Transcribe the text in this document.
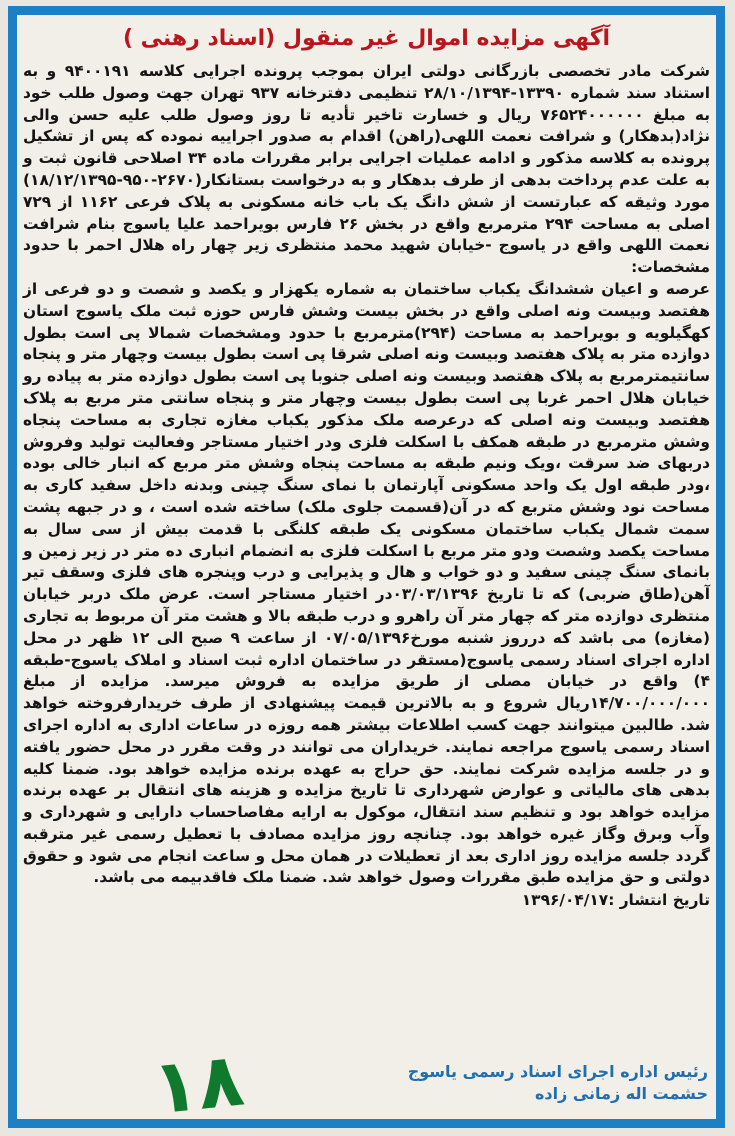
آگهی مزایده اموال غیر منقول (اسناد رهنی )

شرکت مادر تخصصی بازرگانی دولتی ایران بموجب پرونده اجرایی کلاسه ۹۴۰۰۱۹۱ و به استناد سند شماره ۱۳۳۹۰-۲۸/۱۰/۱۳۹۴ تنظیمی دفترخانه ۹۳۷ تهران جهت وصول طلب خود به مبلغ ۷۶۵۲۴۰۰۰۰۰۰ ریال و خسارت تاخیر تأدیه تا روز وصول طلب علیه حسن والی نژاد(بدهکار) و شرافت نعمت اللهی(راهن) اقدام به صدور اجراییه نموده که پس از تشکیل پرونده به کلاسه مذکور و ادامه عملیات اجرایی برابر مقررات ماده ۳۴ اصلاحی قانون ثبت و به علت عدم پرداخت بدهی از طرف بدهکار و به درخواست بستانکار(۲۶۷۰-۹۵۰-۱۸/۱۲/۱۳۹۵) مورد وثیقه که عبارتست از شش دانگ یک باب خانه مسکونی به پلاک فرعی ۱۱۶۲ از ۷۲۹ اصلی به مساحت ۲۹۴ مترمربع واقع در بخش ۲۶ فارس بویراحمد علیا یاسوج بنام شرافت نعمت اللهی واقع در یاسوج -خیابان شهید محمد منتظری زیر چهار راه هلال احمر با حدود مشخصات:

عرصه و اعیان ششدانگ یکباب ساختمان به شماره یکهزار و یکصد و شصت و دو فرعی از هفتصد وبیست ونه اصلی واقع در بخش بیست وشش فارس حوزه ثبت ملک یاسوج استان کهگیلویه و بویراحمد به مساحت (۲۹۴)مترمربع با حدود ومشخصات شمالا پی است بطول دوازده متر به پلاک هفتصد وبیست ونه اصلی شرقا پی است بطول بیست وچهار متر و پنجاه سانتیمترمربع به پلاک هفتصد وبیست ونه اصلی جنوبا پی است بطول دوازده متر به پیاده رو خیابان هلال احمر غربا پی است بطول بیست وچهار متر و پنجاه سانتی متر مربع به پلاک هفتصد وبیست ونه اصلی که درعرصه ملک مذکور یکباب مغازه تجاری به مساحت پنجاه وشش مترمربع در طبقه همکف با اسکلت فلزی ودر اختیار مستاجر وفعالیت تولید وفروش دربهای ضد سرقت ،ویک ونیم طبقه به مساحت پنجاه وشش متر مربع که انبار خالی بوده ،ودر طبقه اول یک واحد مسکونی آپارتمان با نمای سنگ چینی وبدنه داخل سفید کاری به مساحت نود وشش متربع که در آن(قسمت جلوی ملک) ساخته شده است ، و در جبهه پشت سمت شمال یکباب ساختمان مسکونی یک طبقه کلنگی با قدمت بیش از سی سال به مساحت یکصد وشصت ودو متر مربع با اسکلت فلزی به انضمام انباری ده متر در زیر زمین و بانمای سنگ چینی سفید و دو خواب و هال و پذیرایی و درب وپنجره های فلزی وسقف تیر آهن(طاق ضربی) که تا تاریخ ۰۳/۰۳/۱۳۹۶در اختیار مستاجر است. عرض ملک دربر خیابان منتظری دوازده متر که چهار متر آن راهرو و درب طبقه بالا و هشت متر آن مربوط به تجاری (مغازه) می باشد که درروز شنبه مورخ۰۷/۰۵/۱۳۹۶ از ساعت ۹ صبح الی ۱۲ ظهر در محل اداره اجرای اسناد رسمی یاسوج(مستقر در ساختمان اداره ثبت اسناد و املاک یاسوج-طبقه ۴) واقع در خیابان مصلی از طریق مزایده به فروش میرسد. مزایده از مبلغ ۱۴/۷۰۰/۰۰۰/۰۰۰ریال شروع و به بالاترین قیمت پیشنهادی از طرف خریدارفروخته خواهد شد. طالبین میتوانند جهت کسب اطلاعات بیشتر همه روزه در ساعات اداری به اداره اجرای اسناد رسمی یاسوج مراجعه نمایند. خریداران می توانند در وقت مقرر در محل حضور یافته و در جلسه مزایده شرکت نمایند. حق حراج به عهده برنده مزایده خواهد بود. ضمنا کلیه بدهی های مالیاتی و عوارض شهرداری تا تاریخ مزایده و هزینه های انتقال بر عهده برنده مزایده خواهد بود و تنظیم سند انتقال، موکول به ارایه مفاصاحساب دارایی و شهرداری و وآب وبرق وگاز غیره خواهد بود. چنانچه روز مزایده مصادف با تعطیل رسمی غیر مترقبه گردد جلسه مزایده روز اداری بعد از تعطیلات در همان محل و ساعت انجام می شود و حقوق دولتی و حق مزایده طبق مقررات وصول خواهد شد. ضمنا ملک فاقدبیمه می باشد.

تاریخ انتشار :۱۳۹۶/۰۴/۱۷
رئیس اداره اجرای اسناد رسمی یاسوج
حشمت اله زمانی زاده
۱۸
